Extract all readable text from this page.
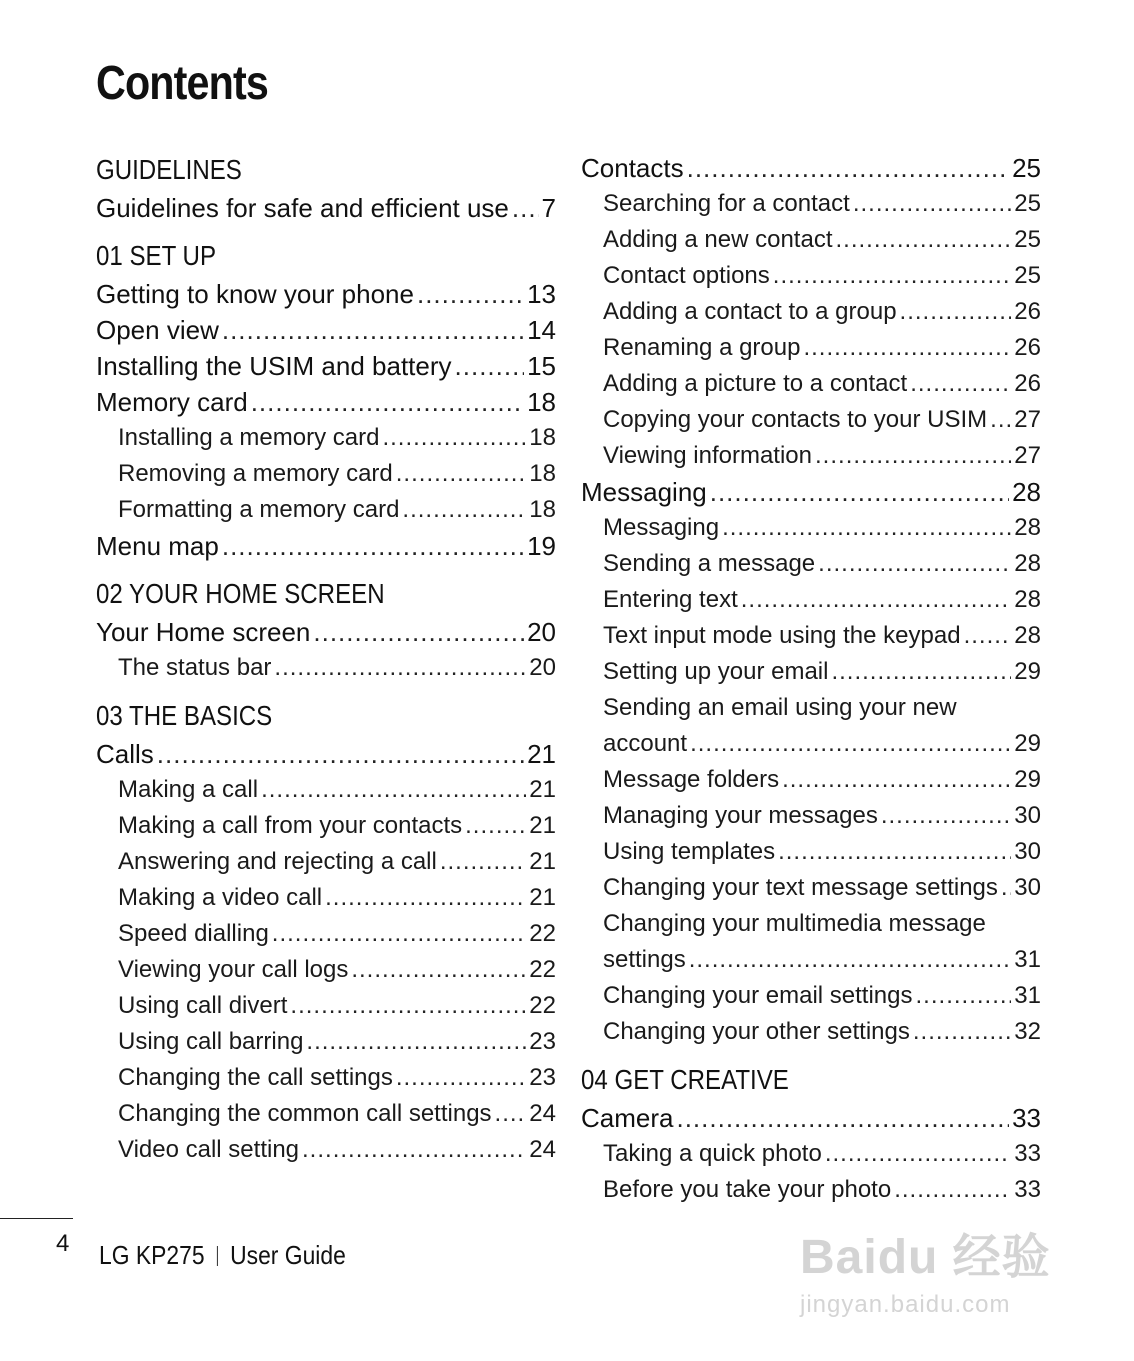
Contents
GUIDELINES
Guidelines for safe and efficient use ..... 7
01 SET UP
Getting to know your phone .....	13
Open view .....	14
Installing the USIM and battery .....	15
Memory card .....	18
Installing a memory card .....	18
Removing a memory card .....	18
Formatting a memory card .....	18
Menu map .....	19
02 YOUR HOME SCREEN
Your Home screen .....	20
The status bar .....	20
03 THE BASICS
Calls .....	21
Making a call .....	21
Making a call from your contacts .....	21
Answering and rejecting a call .....	21
Making a video call .....	21
Speed dialling .....	22
Viewing your call logs .....	22
Using call divert .....	22
Using call barring .....	23
Changing the call settings .....	23
Changing the common call settings ..... 24
Video call setting .....	24
Contacts .....	25
Searching for a contact .....	25
Adding a new contact .....	25
Contact options .....	25
Adding a contact to a group .....	26
Renaming a group .....	26
Adding a picture to a contact .....	26
Copying your contacts to your USIM ..... 27
Viewing information .....	27
Messaging .....	28
Messaging .....	28
Sending a message .....	28
Entering text .....	28
Text input mode using the keypad ..... 28
Setting up your email .....	29
Sending an email using your new
account .....	29
Message folders .....	29
Managing your messages .....	30
Using templates .....	30
Changing your text message settings ..... 30
Changing your multimedia message
settings .....	31
Changing your email settings .....	31
Changing your other settings .....	32
04 GET CREATIVE
Camera .....	33
Taking a quick photo .....	33
Before you take your photo .....	33
4 LG KP275 User Guide	Baidu 经验
jingyan.baidu.com
